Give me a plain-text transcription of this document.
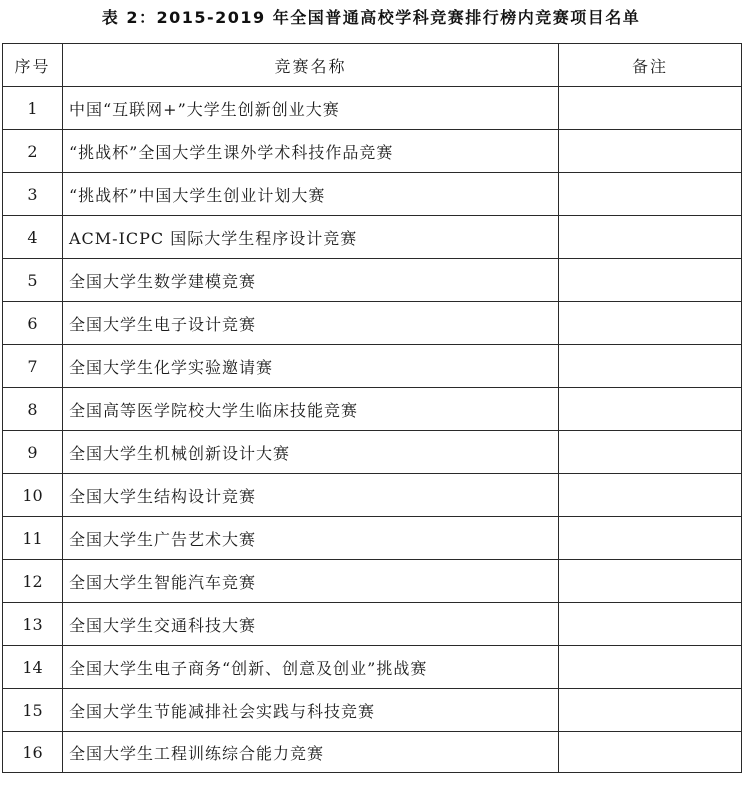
表 2：2015-2019 年全国普通高校学科竞赛排行榜内竞赛项目名单
序号	竞赛名称	备注
1	中国“互联网+”大学生创新创业大赛	
2	“挑战杯”全国大学生课外学术科技作品竞赛	
3	“挑战杯”中国大学生创业计划大赛	
4	ACM-ICPC 国际大学生程序设计竞赛	
5	全国大学生数学建模竞赛	
6	全国大学生电子设计竞赛	
7	全国大学生化学实验邀请赛	
8	全国高等医学院校大学生临床技能竞赛	
9	全国大学生机械创新设计大赛	
10	全国大学生结构设计竞赛	
11	全国大学生广告艺术大赛	
12	全国大学生智能汽车竞赛	
13	全国大学生交通科技大赛	
14	全国大学生电子商务“创新、创意及创业”挑战赛	
15	全国大学生节能减排社会实践与科技竞赛	
16	全国大学生工程训练综合能力竞赛	
